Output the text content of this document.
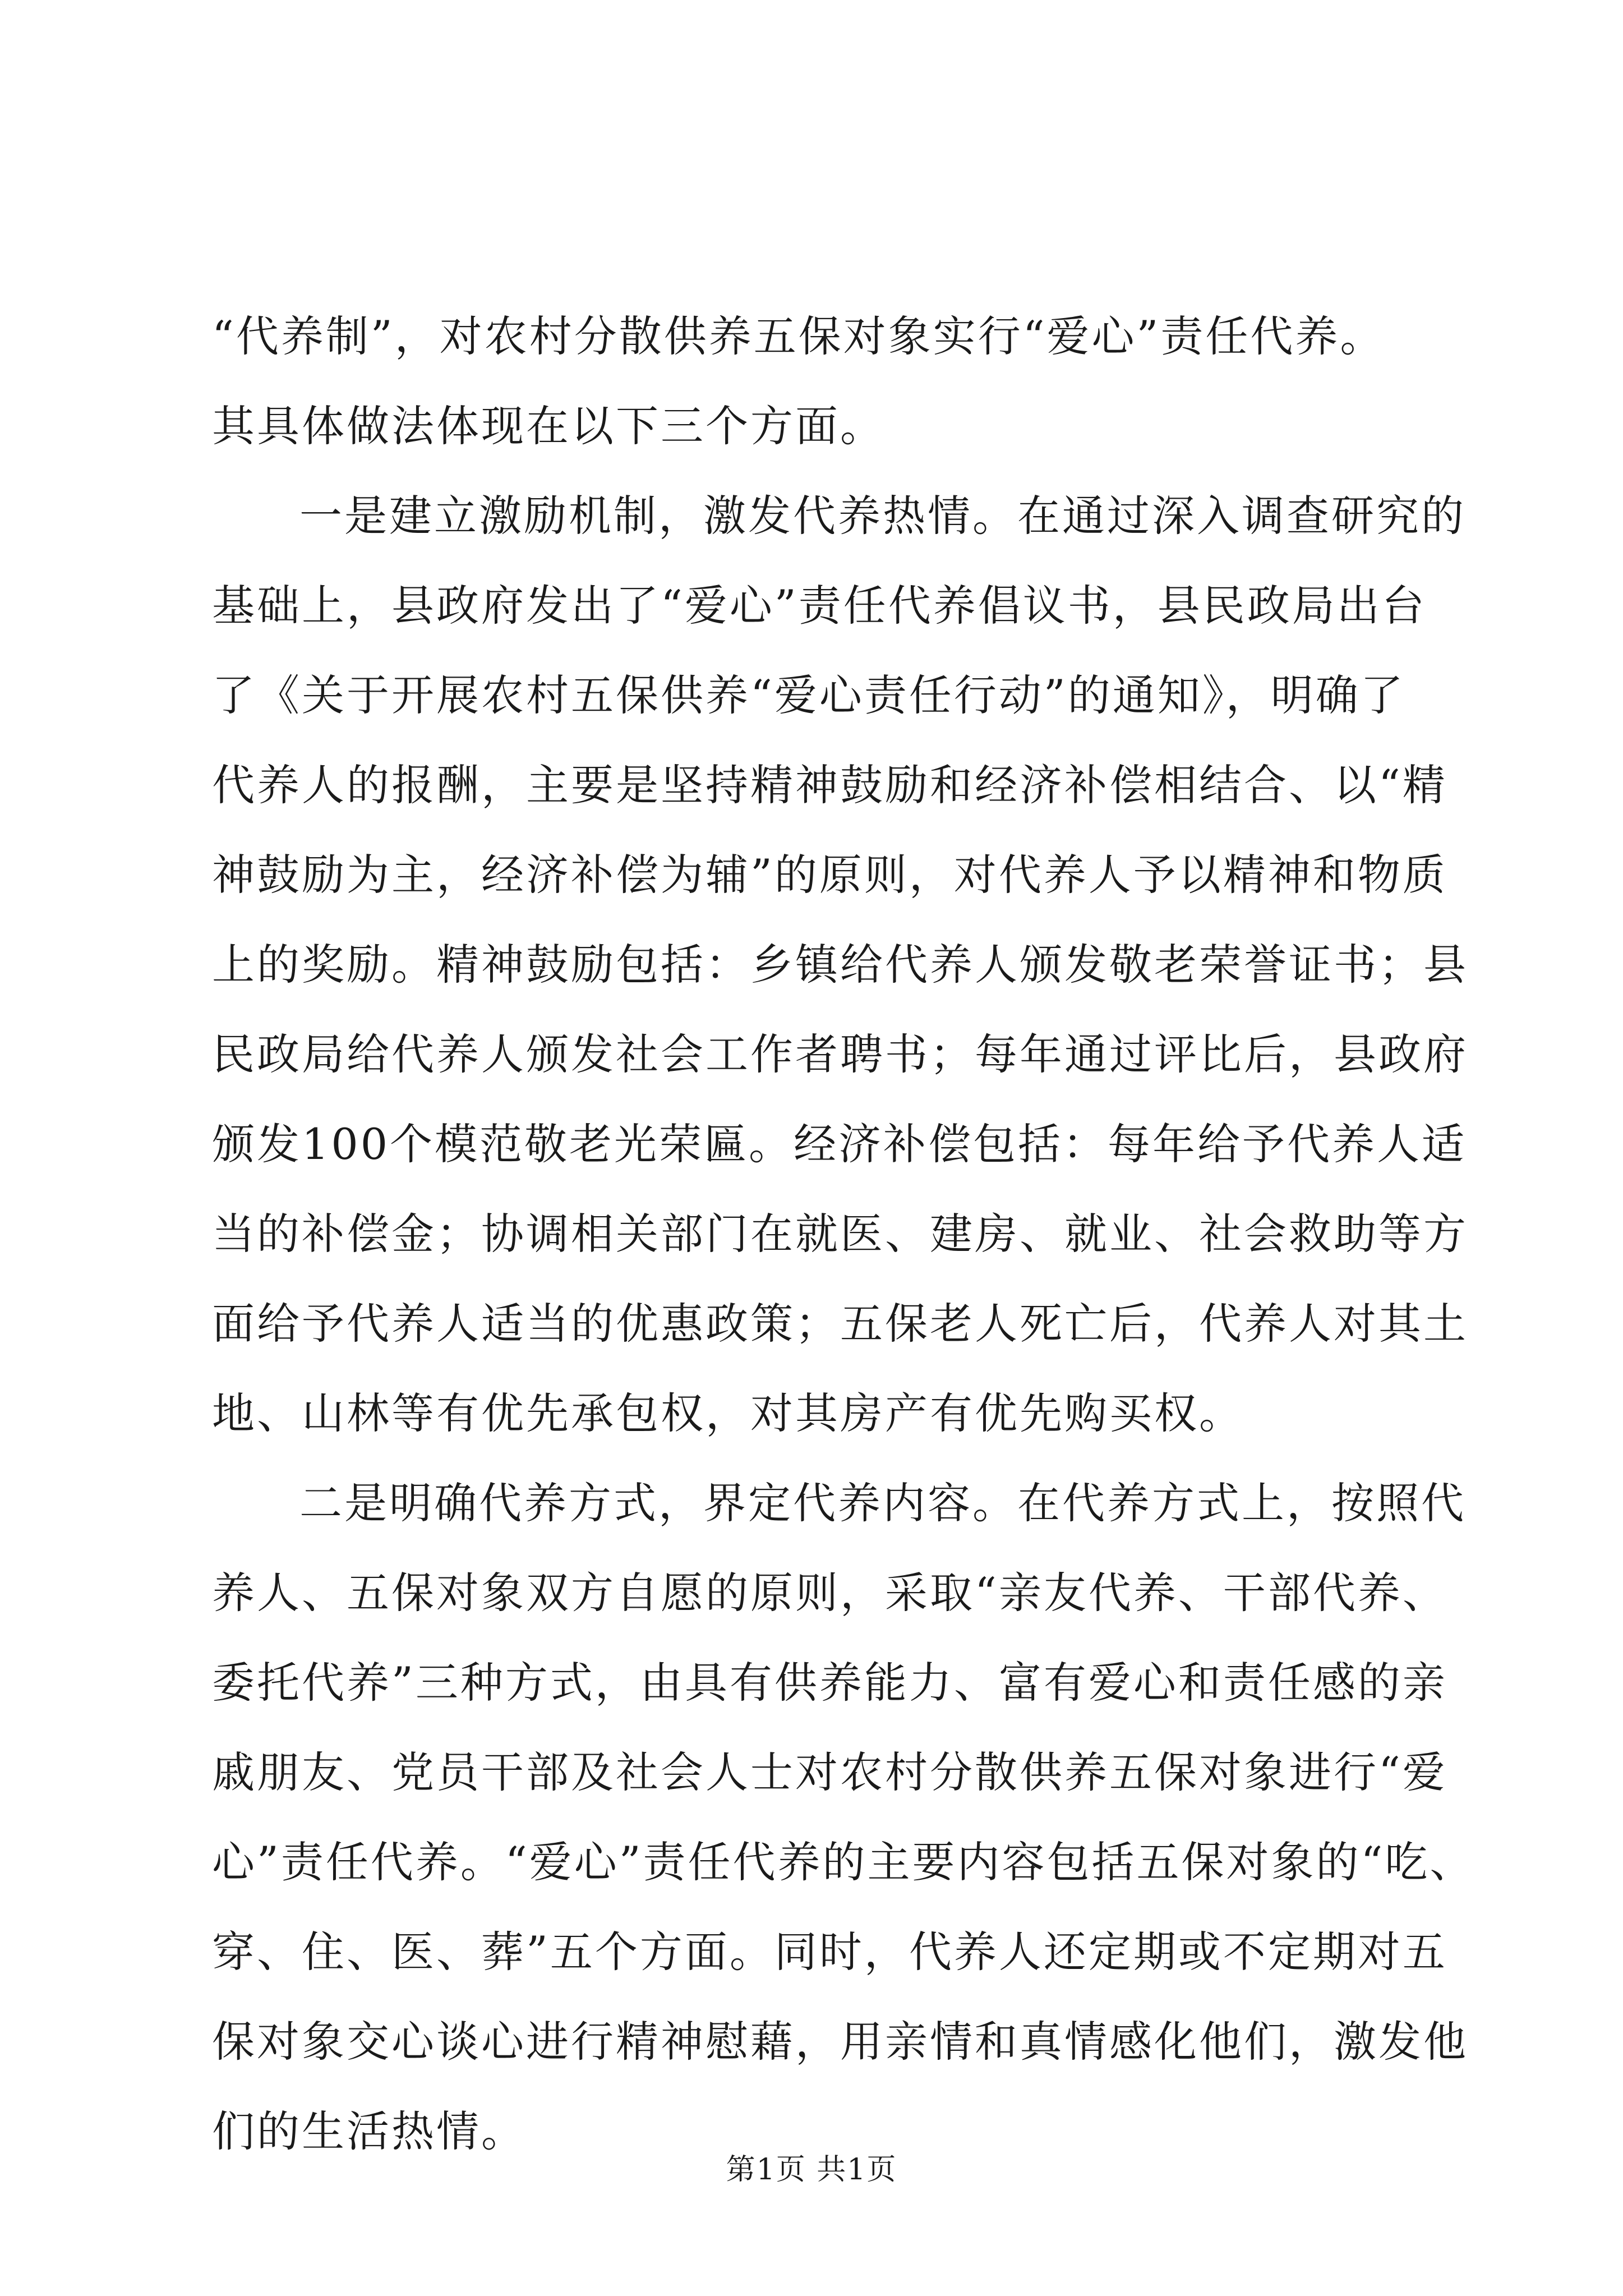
“代养制”，对农村分散供养五保对象实行“爱心”责任代养。
其具体做法体现在以下三个方面。
一是建立激励机制，激发代养热情。在通过深入调查研究的
基础上，县政府发出了“爱心”责任代养倡议书，县民政局出台
了《关于开展农村五保供养“爱心责任行动”的通知》，明确了
代养人的报酬，主要是坚持精神鼓励和经济补偿相结合、以“精
神鼓励为主，经济补偿为辅”的原则，对代养人予以精神和物质
上的奖励。精神鼓励包括：乡镇给代养人颁发敬老荣誉证书；县
民政局给代养人颁发社会工作者聘书；每年通过评比后，县政府
颁发100个模范敬老光荣匾。经济补偿包括：每年给予代养人适
当的补偿金；协调相关部门在就医、建房、就业、社会救助等方
面给予代养人适当的优惠政策；五保老人死亡后，代养人对其土
地、山林等有优先承包权，对其房产有优先购买权。
二是明确代养方式，界定代养内容。在代养方式上，按照代
养人、五保对象双方自愿的原则，采取“亲友代养、干部代养、
委托代养”三种方式，由具有供养能力、富有爱心和责任感的亲
戚朋友、党员干部及社会人士对农村分散供养五保对象进行“爱
心”责任代养。“爱心”责任代养的主要内容包括五保对象的“吃、
穿、住、医、葬”五个方面。同时，代养人还定期或不定期对五
保对象交心谈心进行精神慰藉，用亲情和真情感化他们，激发他
们的生活热情。
第1页 共1页
